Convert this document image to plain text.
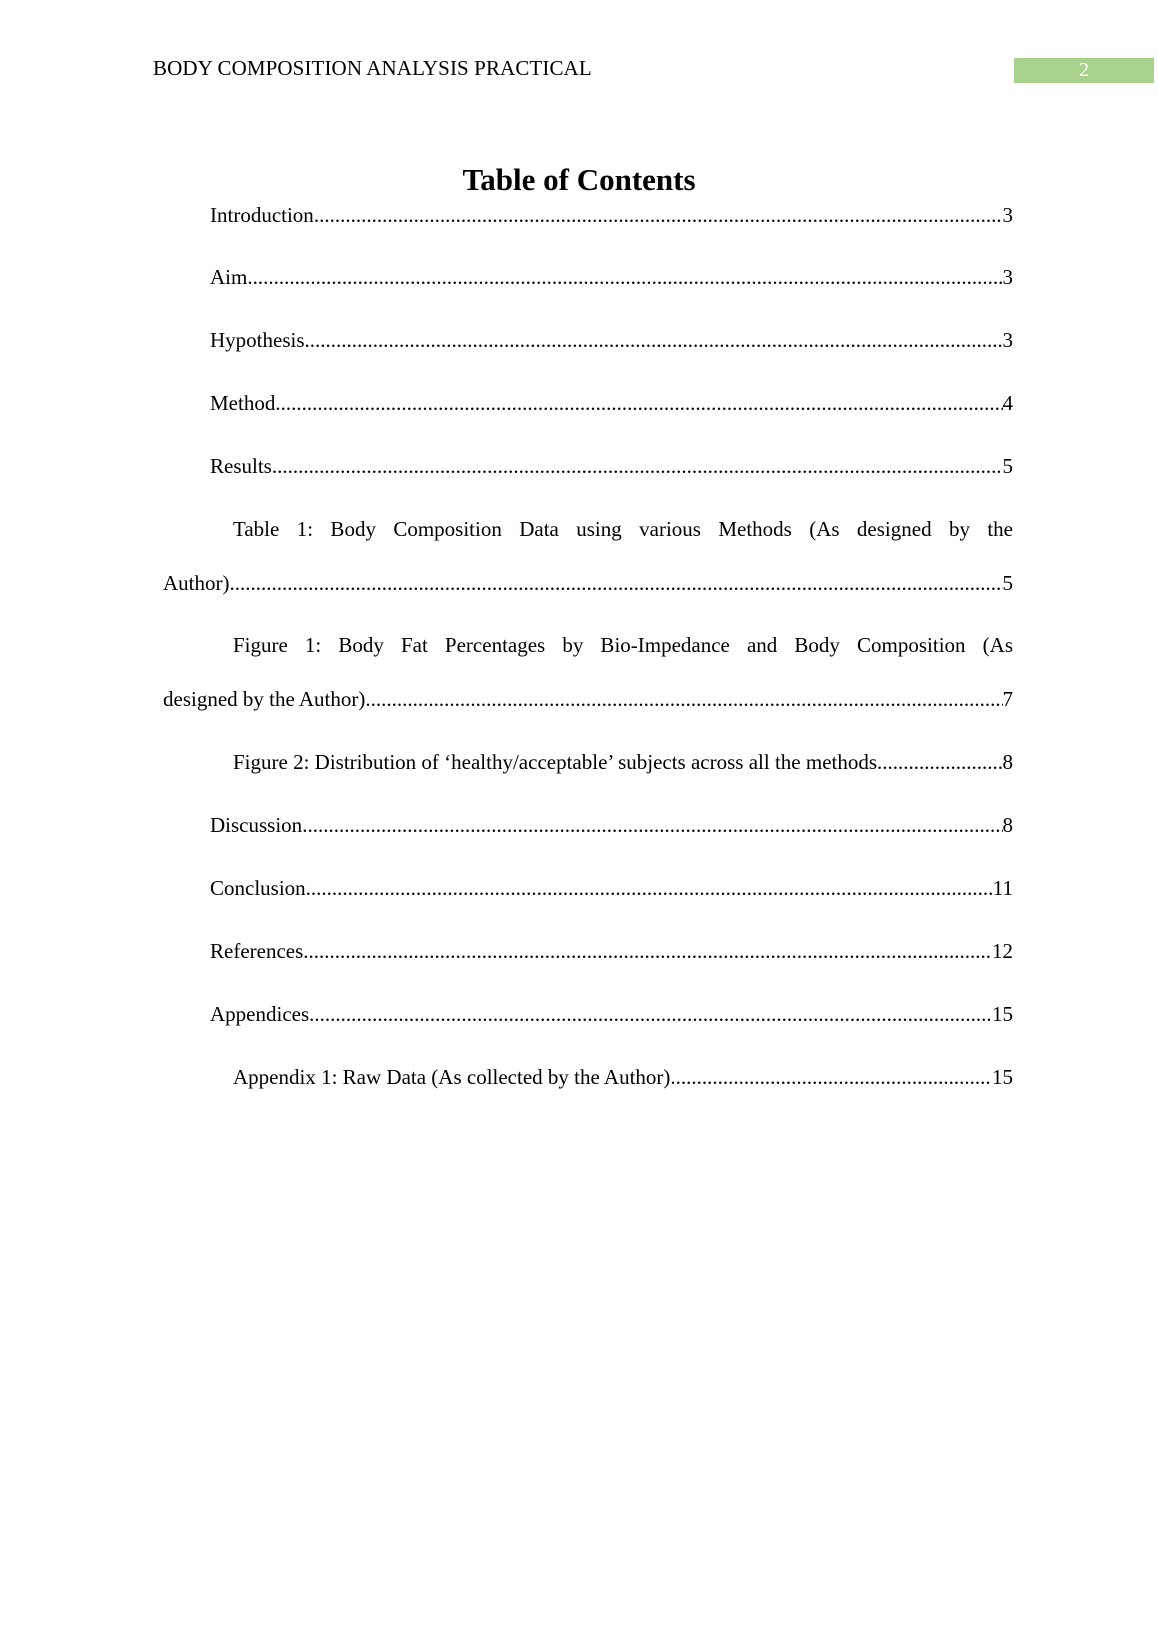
BODY COMPOSITION ANALYSIS PRACTICAL	2
Table of Contents
Introduction .....	3
Aim .....	3
Hypothesis .....	3
Method .....	4
Results .....	5
Table 1: Body Composition Data using various Methods (As designed by the
Author) .....	5
Figure 1: Body Fat Percentages by Bio-Impedance and Body Composition (As
designed by the Author) .....	7
Figure 2: Distribution of ‘healthy/acceptable’ subjects across all the methods .....	8
Discussion .....	8
Conclusion .....	11
References .....	12
Appendices .....	15
Appendix 1: Raw Data (As collected by the Author) .....	15
